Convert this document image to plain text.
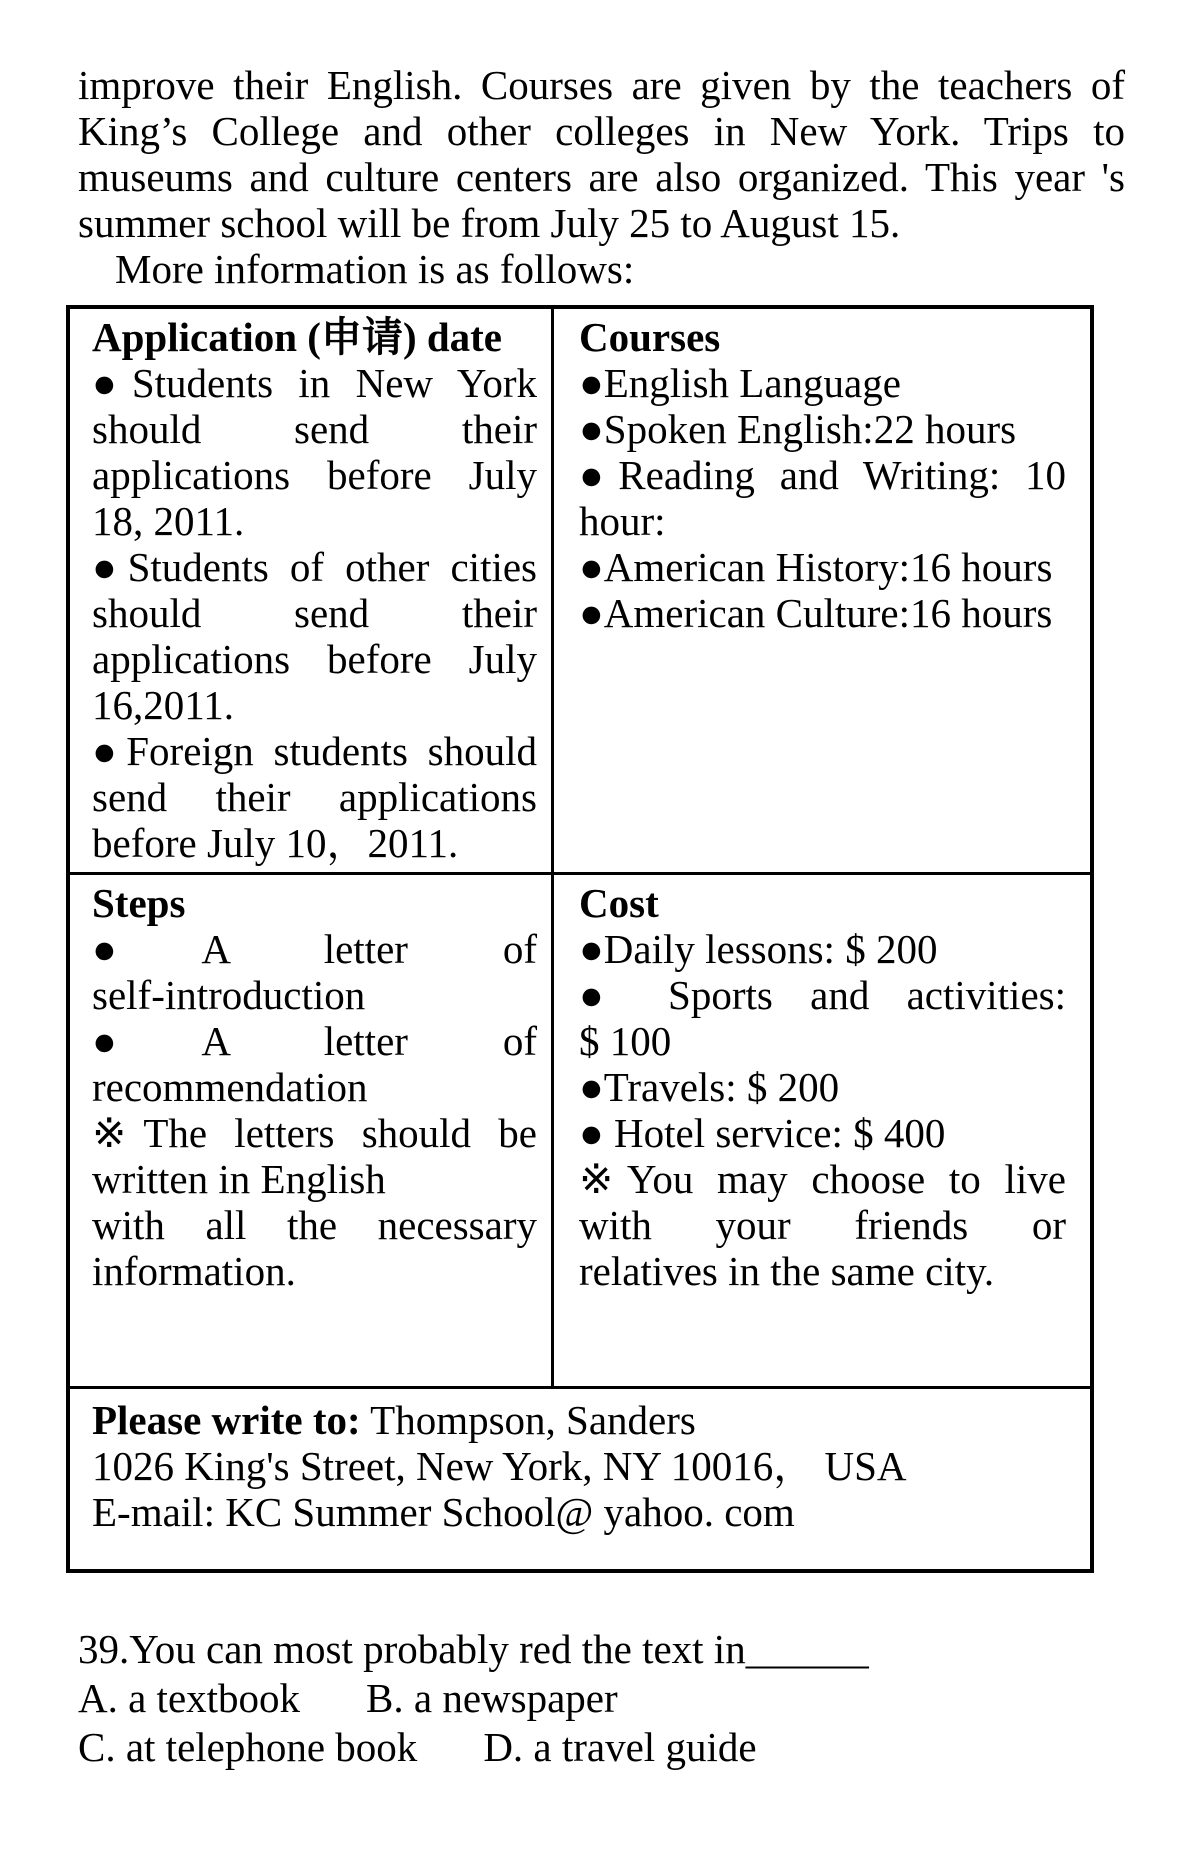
improve their English. Courses are given by the teachers of
King’s College and other colleges in New York. Trips to
museums and culture centers are also organized. This year 's
summer school will be from July 25 to August 15.
More information is as follows:
Application (申请) date
●Students in New York
should send their
applications before July
18, 2011.
●Students of other cities
should send their
applications before July
16,2011.
●Foreign students should
send their applications
before July 10，2011.
Courses
●English Language
●Spoken English:22 hours
●Reading and Writing: 10
hour:
●American History:16 hours
●American Culture:16 hours
Steps
●A letter of
self-introduction
●A letter of
recommendation
※The letters should be
written in English
with all the necessary
information.
Cost
●Daily lessons: $ 200
● Sports and activities:
$ 100
●Travels: $ 200
● Hotel service: $ 400
※You may choose to live
with your friends or
relatives in the same city.
Please write to: Thompson, Sanders
1026 King's Street, New York, NY 10016， USA
E-mail: KC Summer School@ yahoo. com
39.You can most probably red the text in______
A. a textbook B. a newspaper
C. at telephone book D. a travel guide
